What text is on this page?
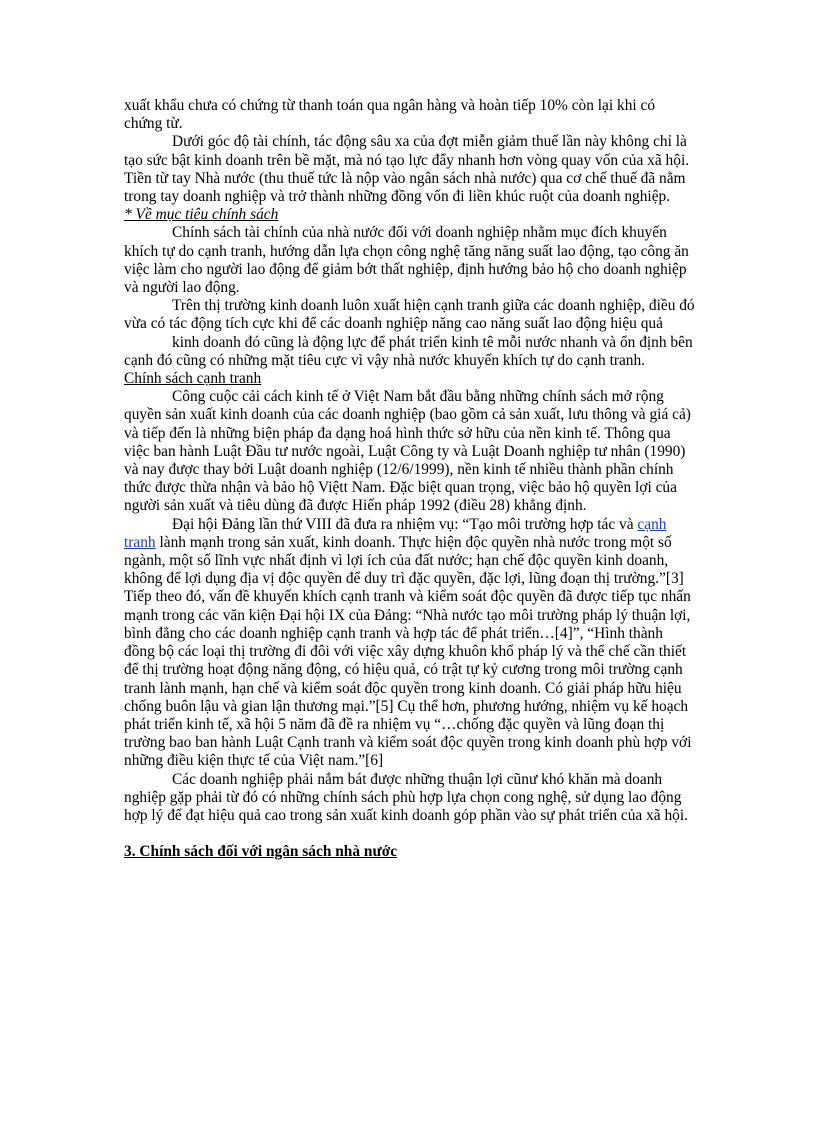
xuất khẩu chưa có chứng từ thanh toán qua ngân hàng và hoàn tiếp 10% còn lại khi có chứng từ.

Dưới góc độ tài chính, tác động sâu xa của đợt miễn giảm thuế lần này không chỉ là tạo sức bật kinh doanh trên bề mặt, mà nó tạo lực đẩy nhanh hơn vòng quay vốn của xã hội. Tiền từ tay Nhà nước (thu thuế tức là nộp vào ngân sách nhà nước) qua cơ chế thuế đã nằm trong tay doanh nghiệp và trở thành những đồng vốn đi liền khúc ruột của doanh nghiệp.

* Về mục tiêu chính sách

Chính sách tài chính của nhà nước đối với doanh nghiệp nhằm mục đích khuyến khích tự do cạnh tranh, hướng dẫn lựa chọn công nghệ tăng năng suất lao động, tạo công ăn việc làm cho người lao động để giảm bớt thất nghiệp, định hướng bảo hộ cho doanh nghiệp và người lao động.

Trên thị trường kinh doanh luôn xuất hiện cạnh tranh giữa các doanh nghiệp, điều đó vừa có tác động tích cực khi để các doanh nghiệp năng cao năng suất lao động hiệu quả

kinh doanh đó cũng là động lực để phát triển kinh tê mỗi nước nhanh và ổn định bên cạnh đó cũng có những mặt tiêu cực vì vậy nhà nước khuyến khích tự do cạnh tranh.

Chính sách cạnh tranh

Công cuộc cải cách kinh tế ở Việt Nam bắt đầu bằng những chính sách mở rộng quyền sản xuất kinh doanh của các doanh nghiệp (bao gồm cả sản xuất, lưu thông và giá cả) và tiếp đến là những biện pháp đa dạng hoá hình thức sở hữu của nền kinh tế. Thông qua việc ban hành Luật Đầu tư nước ngoài, Luật Công ty và Luật Doanh nghiệp tư nhân (1990) và nay được thay bởi Luật doanh nghiệp (12/6/1999), nền kinh tế nhiều thành phần chính thức được thừa nhận và bảo hộ Việtt Nam. Đặc biệt quan trọng, việc bảo hộ quyền lợi của người sản xuất và tiêu dùng đã được Hiến pháp 1992 (điều 28) khẳng định.

Đại hội Đảng lần thứ VIII đã đưa ra nhiệm vụ: “Tạo môi trường hợp tác và cạnh tranh lành mạnh trong sản xuất, kinh doanh. Thực hiện độc quyền nhà nước trong một số ngành, một số lĩnh vực nhất định vì lợi ích của đất nước; hạn chế độc quyền kinh doanh, không để lợi dụng địa vị độc quyền để duy trì đặc quyền, đặc lợi, lũng đoạn thị trường.”[3] Tiếp theo đó, vấn đề khuyến khích cạnh tranh và kiểm soát độc quyền đã được tiếp tục nhấn mạnh trong các văn kiện Đại hội IX của Đảng: “Nhà nước tạo môi trường pháp lý thuận lợi, bình đẳng cho các doanh nghiệp cạnh tranh và hợp tác để phát triển…[4]”, “Hình thành đồng bộ các loại thị trường đi đôi với việc xây dựng khuôn khổ pháp lý và thể chế cần thiết để thị trường hoạt động năng động, có hiệu quả, có trật tự kỷ cương trong môi trường cạnh tranh lành mạnh, hạn chế và kiểm soát độc quyền trong kinh doanh. Có giải pháp hữu hiệu chống buôn lậu và gian lận thương mại.”[5] Cụ thể hơn, phương hướng, nhiệm vụ kế hoạch phát triển kinh tế, xã hội 5 năm đã đề ra nhiệm vụ “…chống đặc quyền và lũng đoạn thị trường bao ban hành Luật Cạnh tranh và kiểm soát độc quyền trong kinh doanh phù hợp với những điều kiện thực tế của Việt nam.”[6]

Các doanh nghiệp phải nắm bát được những thuận lợi cũnư khó khăn mà doanh nghiệp gặp phải từ đó có những chính sách phù hợp lựa chọn cong nghệ, sử dụng lao động hợp lý để đạt hiệu quả cao trong sản xuất kinh doanh góp phần vào sự phát triển của xã hội.

3. Chính sách đối với ngân sách nhà nước
